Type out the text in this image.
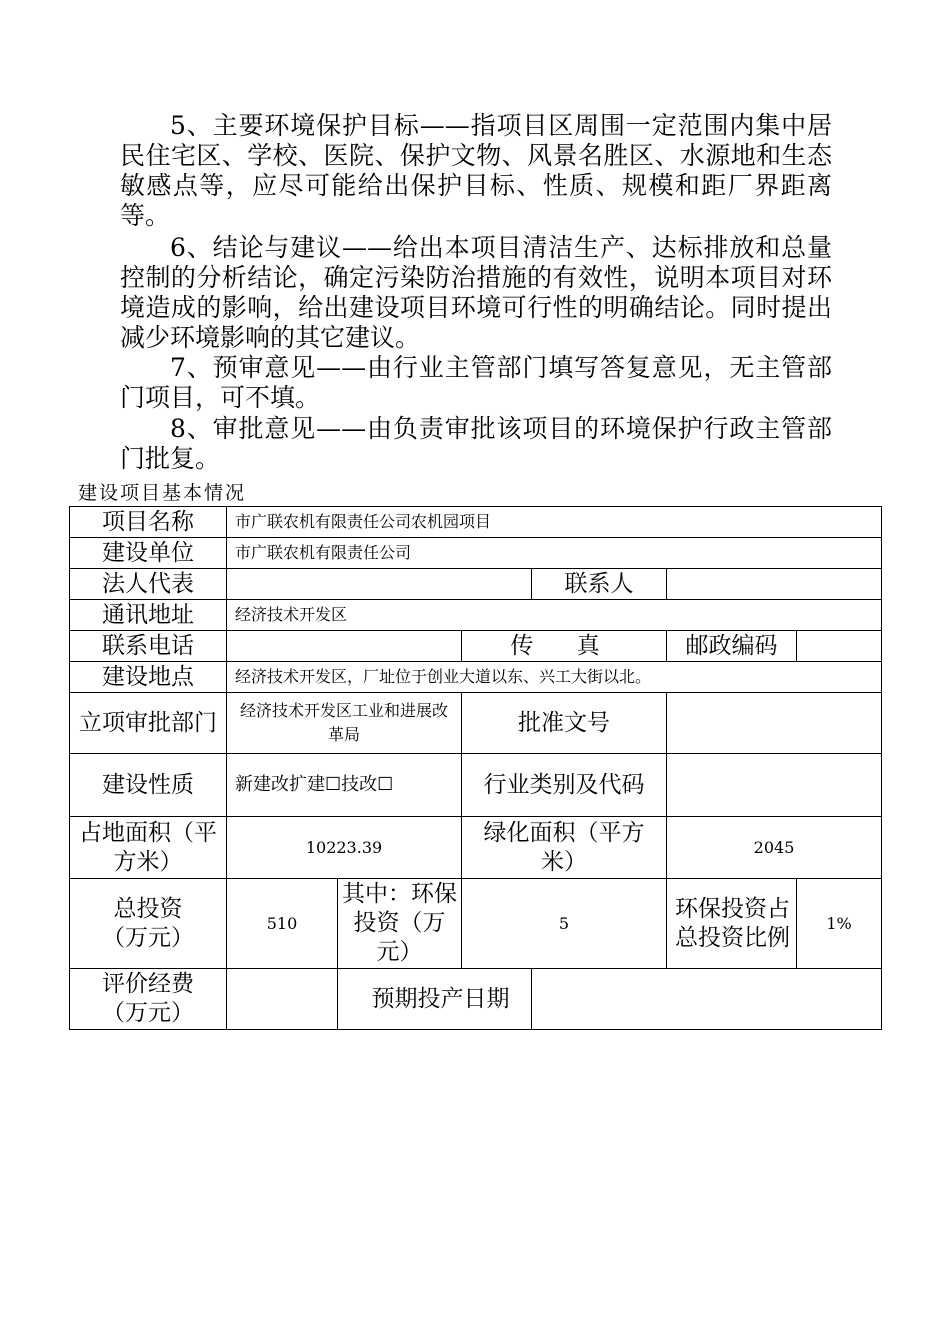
5、主要环境保护目标——指项目区周围一定范围内集中居民住宅区、学校、医院、保护文物、风景名胜区、水源地和生态敏感点等，应尽可能给出保护目标、性质、规模和距厂界距离等。

6、结论与建议——给出本项目清洁生产、达标排放和总量控制的分析结论，确定污染防治措施的有效性，说明本项目对环境造成的影响，给出建设项目环境可行性的明确结论。同时提出减少环境影响的其它建议。

7、预审意见——由行业主管部门填写答复意见，无主管部门项目，可不填。

8、审批意见——由负责审批该项目的环境保护行政主管部门批复。

建设项目基本情况
项目名称	市广联农机有限责任公司农机园项目					
建设单位	市广联农机有限责任公司					
法人代表				联系人		
通讯地址	经济技术开发区					
联系电话			传 真		邮政编码	
建设地点	经济技术开发区，厂址位于创业大道以东、兴工大街以北。					
立项审批部门	经济技术开发区工业和进展改革局		批准文号			
建设性质	新建改扩建☐技改☐		行业类别及代码			
占地面积（平方米）	10223.39		绿化面积（平方米）		2045	
总投资（万元）	510	其中：环保投资（万元）	5		环保投资占总投资比例	1%
评价经费（万元）		预期投产日期				
